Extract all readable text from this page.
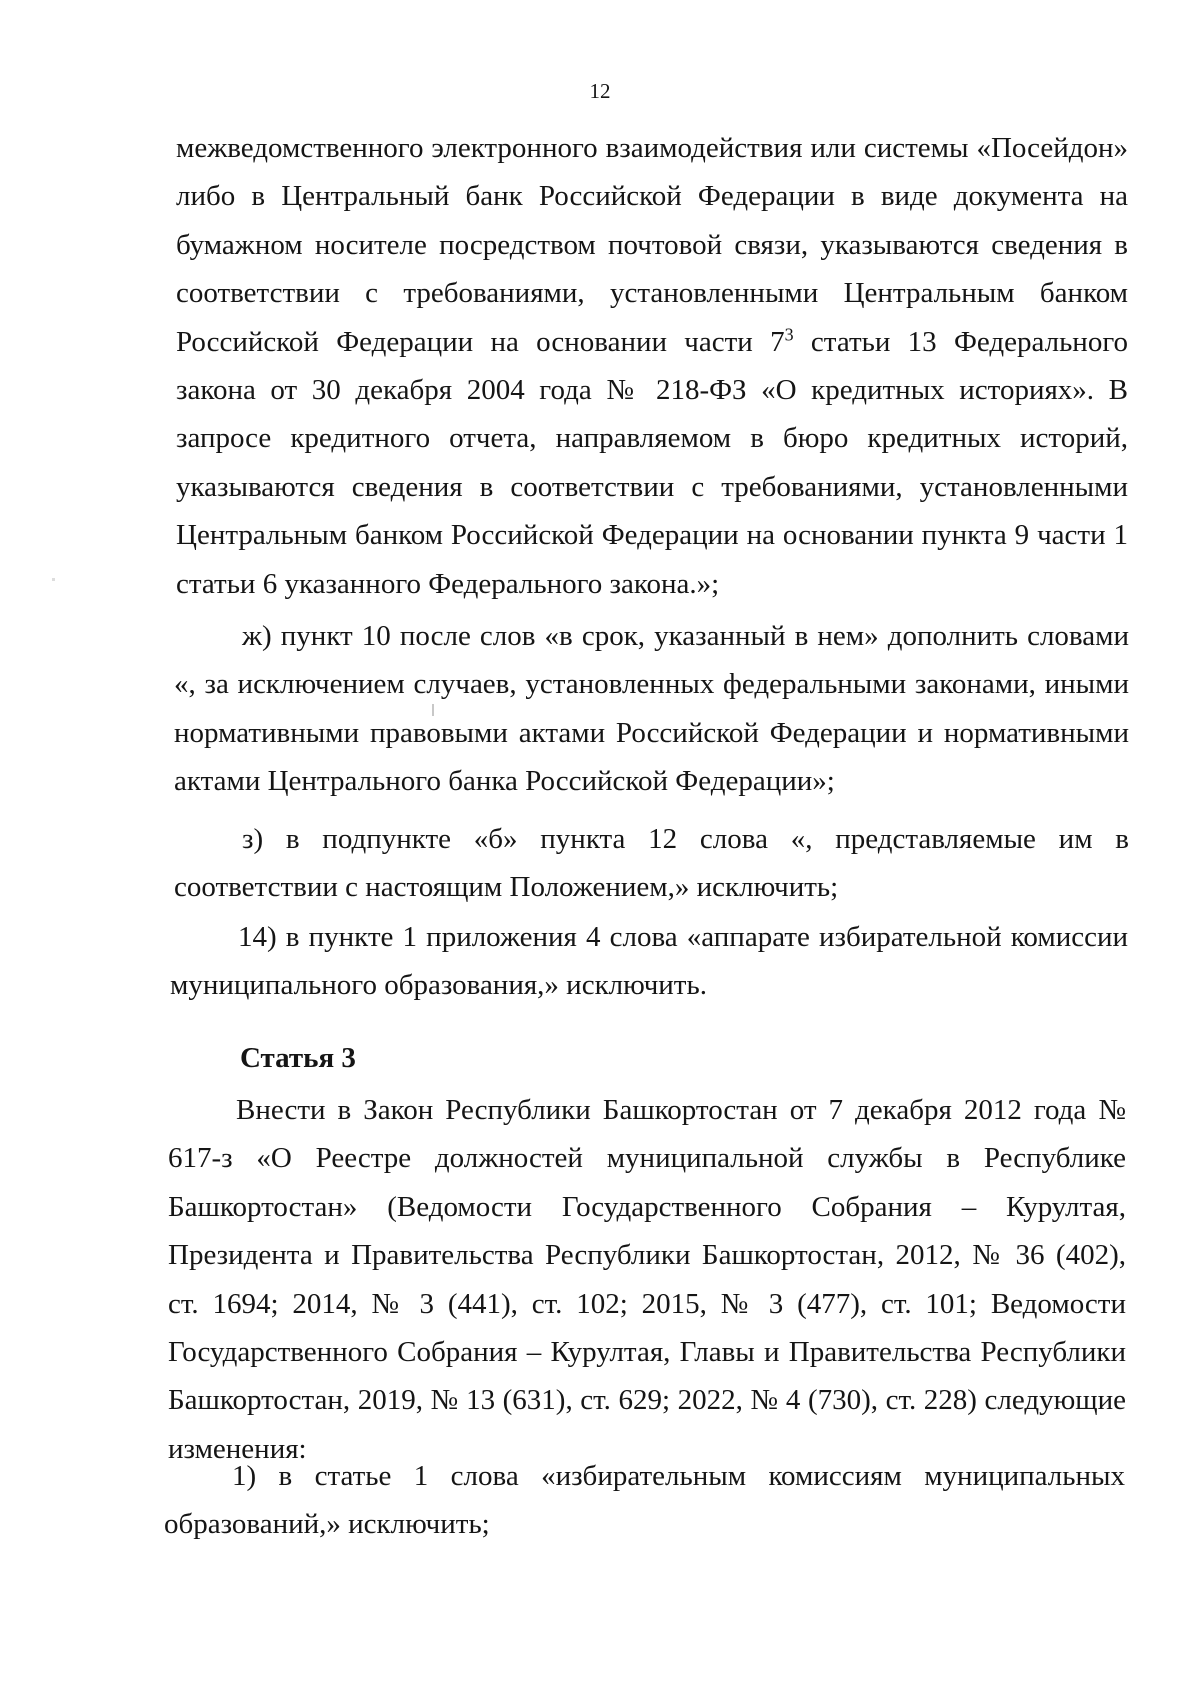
12

межведомственного электронного взаимодействия или системы «Посейдон»
либо в Центральный банк Российской Федерации в виде документа на бумажном носителе посредством почтовой связи, указываются сведения в соответствии с требованиями, установленными Центральным банком Российской Федерации на основании части $7^3$ статьи 13 Федерального закона от 30 декабря 2004 года № 218-ФЗ «О кредитных историях». В запросе кредитного отчета, направляемом в бюро кредитных историй, указываются сведения в соответствии с требованиями, установленными Центральным банком Российской Федерации на основании пункта 9 части 1 статьи 6 указанного Федерального закона.»;

ж) пункт 10 после слов «в срок, указанный в нем» дополнить словами «, за исключением случаев, установленных федеральными законами, иными нормативными правовыми актами Российской Федерации и нормативными актами Центрального банка Российской Федерации»;

з) в подпункте «б» пункта 12 слова «, представляемые им в соответствии с настоящим Положением,» исключить;

14) в пункте 1 приложения 4 слова «аппарате избирательной комиссии муниципального образования,» исключить.

Статья 3

Внести в Закон Республики Башкортостан от 7 декабря 2012 года № 617-з «О Реестре должностей муниципальной службы в Республике Башкортостан» (Ведомости Государственного Собрания – Курултая, Президента и Правительства Республики Башкортостан, 2012, № 36 (402), ст. 1694; 2014, № 3 (441), ст. 102; 2015, № 3 (477), ст. 101; Ведомости Государственного Собрания – Курултая, Главы и Правительства Республики Башкортостан, 2019, № 13 (631), ст. 629; 2022, № 4 (730), ст. 228) следующие изменения:

1) в статье 1 слова «избирательным комиссиям муниципальных образований,» исключить;
